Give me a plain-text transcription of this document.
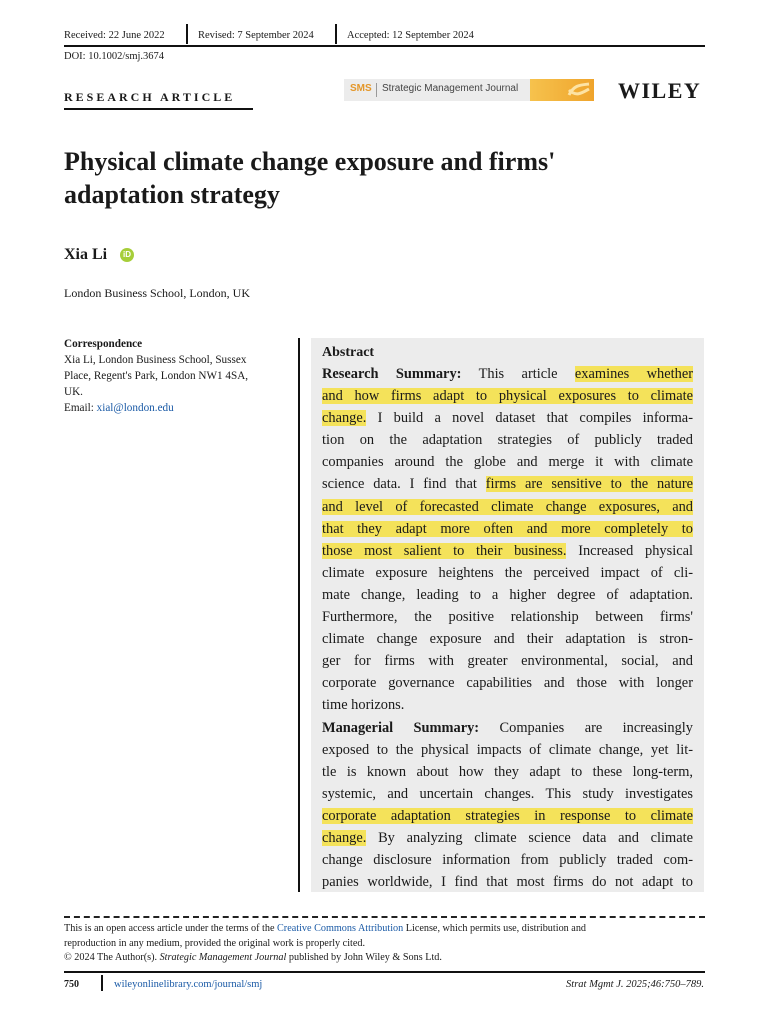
Received: 22 June 2022	Revised: 7 September 2024	Accepted: 12 September 2024
DOI: 10.1002/smj.3674
RESEARCH ARTICLE
SMS Strategic Management Journal	WILEY
Physical climate change exposure and firms'
adaptation strategy
Xia Li	iD
London Business School, London, UK
Correspondence
Xia Li, London Business School, Sussex
Place, Regent's Park, London NW1 4SA,
UK.
Email: xial@london.edu
Abstract
Research Summary: This article examines whether
and how firms adapt to physical exposures to climate
change. I build a novel dataset that compiles informa-
tion on the adaptation strategies of publicly traded
companies around the globe and merge it with climate
science data. I find that firms are sensitive to the nature
and level of forecasted climate change exposures, and
that they adapt more often and more completely to
those most salient to their business. Increased physical
climate exposure heightens the perceived impact of cli-
mate change, leading to a higher degree of adaptation.
Furthermore, the positive relationship between firms'
climate change exposure and their adaptation is stron-
ger for firms with greater environmental, social, and
corporate governance capabilities and those with longer
time horizons.
Managerial Summary: Companies are increasingly
exposed to the physical impacts of climate change, yet lit-
tle is known about how they adapt to these long-term,
systemic, and uncertain changes. This study investigates
corporate adaptation strategies in response to climate
change. By analyzing climate science data and climate
change disclosure information from publicly traded com-
panies worldwide, I find that most firms do not adapt to
This is an open access article under the terms of the Creative Commons Attribution License, which permits use, distribution and
reproduction in any medium, provided the original work is properly cited.
© 2024 The Author(s). Strategic Management Journal published by John Wiley & Sons Ltd.
750	wileyonlinelibrary.com/journal/smj	Strat Mgmt J. 2025;46:750–789.
